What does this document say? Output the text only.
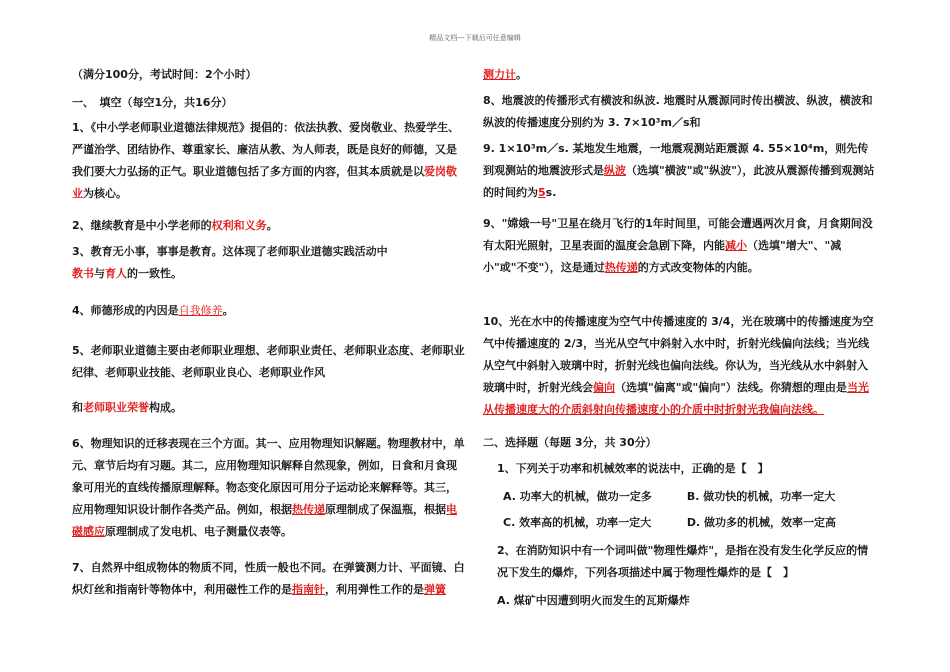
精品文档---下载后可任意编辑

（满分100分，考试时间：2个小时）

一、　填空（每空1分，共16分）

1、《中小学老师职业道德法律规范》提倡的：依法执教、爱岗敬业、热爱学生、严谨治学、团结协作、尊重家长、廉洁从教、为人师表，既是良好的师德，又是我们要大力弘扬的正气。职业道德包括了多方面的内容，但其本质就是以爱岗敬业为核心。

2、继续教育是中小学老师的权利和义务。

3、教育无小事，事事是教育。这体现了老师职业道德实践活动中
教书与育人的一致性。

4、师德形成的内因是自我修养。

5、老师职业道德主要由老师职业理想、老师职业责任、老师职业态度、老师职业纪律、老师职业技能、老师职业良心、老师职业作风

和老师职业荣誉构成。

6、物理知识的迁移表现在三个方面。其一、应用物理知识解题。物理教材中，单元、章节后均有习题。其二，应用物理知识解释自然现象，例如，日食和月食现象可用光的直线传播原理解释。物态变化原因可用分子运动论来解释等。其三，应用物理知识设计制作各类产品。例如，根据热传递原理制成了保温瓶，根据电磁感应原理制成了发电机、电子测量仪表等。

7、自然界中组成物体的物质不同，性质一般也不同。在弹簧测力计、平面镜、白炽灯丝和指南针等物体中，利用磁性工作的是指南针，利用弹性工作的是弹簧

测力计。

8、地震波的传播形式有横波和纵波. 地震时从震源同时传出横波、纵波，横波和纵波的传播速度分别约为 3. 7×10³m／s和

9. 1×10³m／s. 某地发生地震，一地震观测站距震源 4. 55×10⁴m，则先传到观测站的地震波形式是纵波（选填"横波"或"纵波"），此波从震源传播到观测站的时间约为5s.

9、"嫦娥一号"卫星在绕月飞行的1年时间里，可能会遭遇两次月食，月食期间没有太阳光照射，卫星表面的温度会急剧下降，内能减小（选填"增大"、"减小"或"不变"），这是通过热传递的方式改变物体的内能。

10、光在水中的传播速度为空气中传播速度的 3/4，光在玻璃中的传播速度为空气中传播速度的 2/3，当光从空气中斜射入水中时，折射光线偏向法线；当光线从空气中斜射入玻璃中时，折射光线也偏向法线。你认为，当光线从水中斜射入玻璃中时，折射光线会偏向（选填"偏离"或"偏向"）法线。你猜想的理由是当光从传播速度大的介质斜射向传播速度小的介质中时折射光我偏向法线。

二、选择题（每题 3分，共 30分）

1、下列关于功率和机械效率的说法中，正确的是【　】

A. 功率大的机械，做功一定多	B. 做功快的机械，功率一定大

C. 效率高的机械，功率一定大	D. 做功多的机械，效率一定高

2、在消防知识中有一个词叫做"物理性爆炸"，是指在没有发生化学反应的情况下发生的爆炸，下列各项描述中属于物理性爆炸的是【　】

A. 煤矿中因遭到明火而发生的瓦斯爆炸
